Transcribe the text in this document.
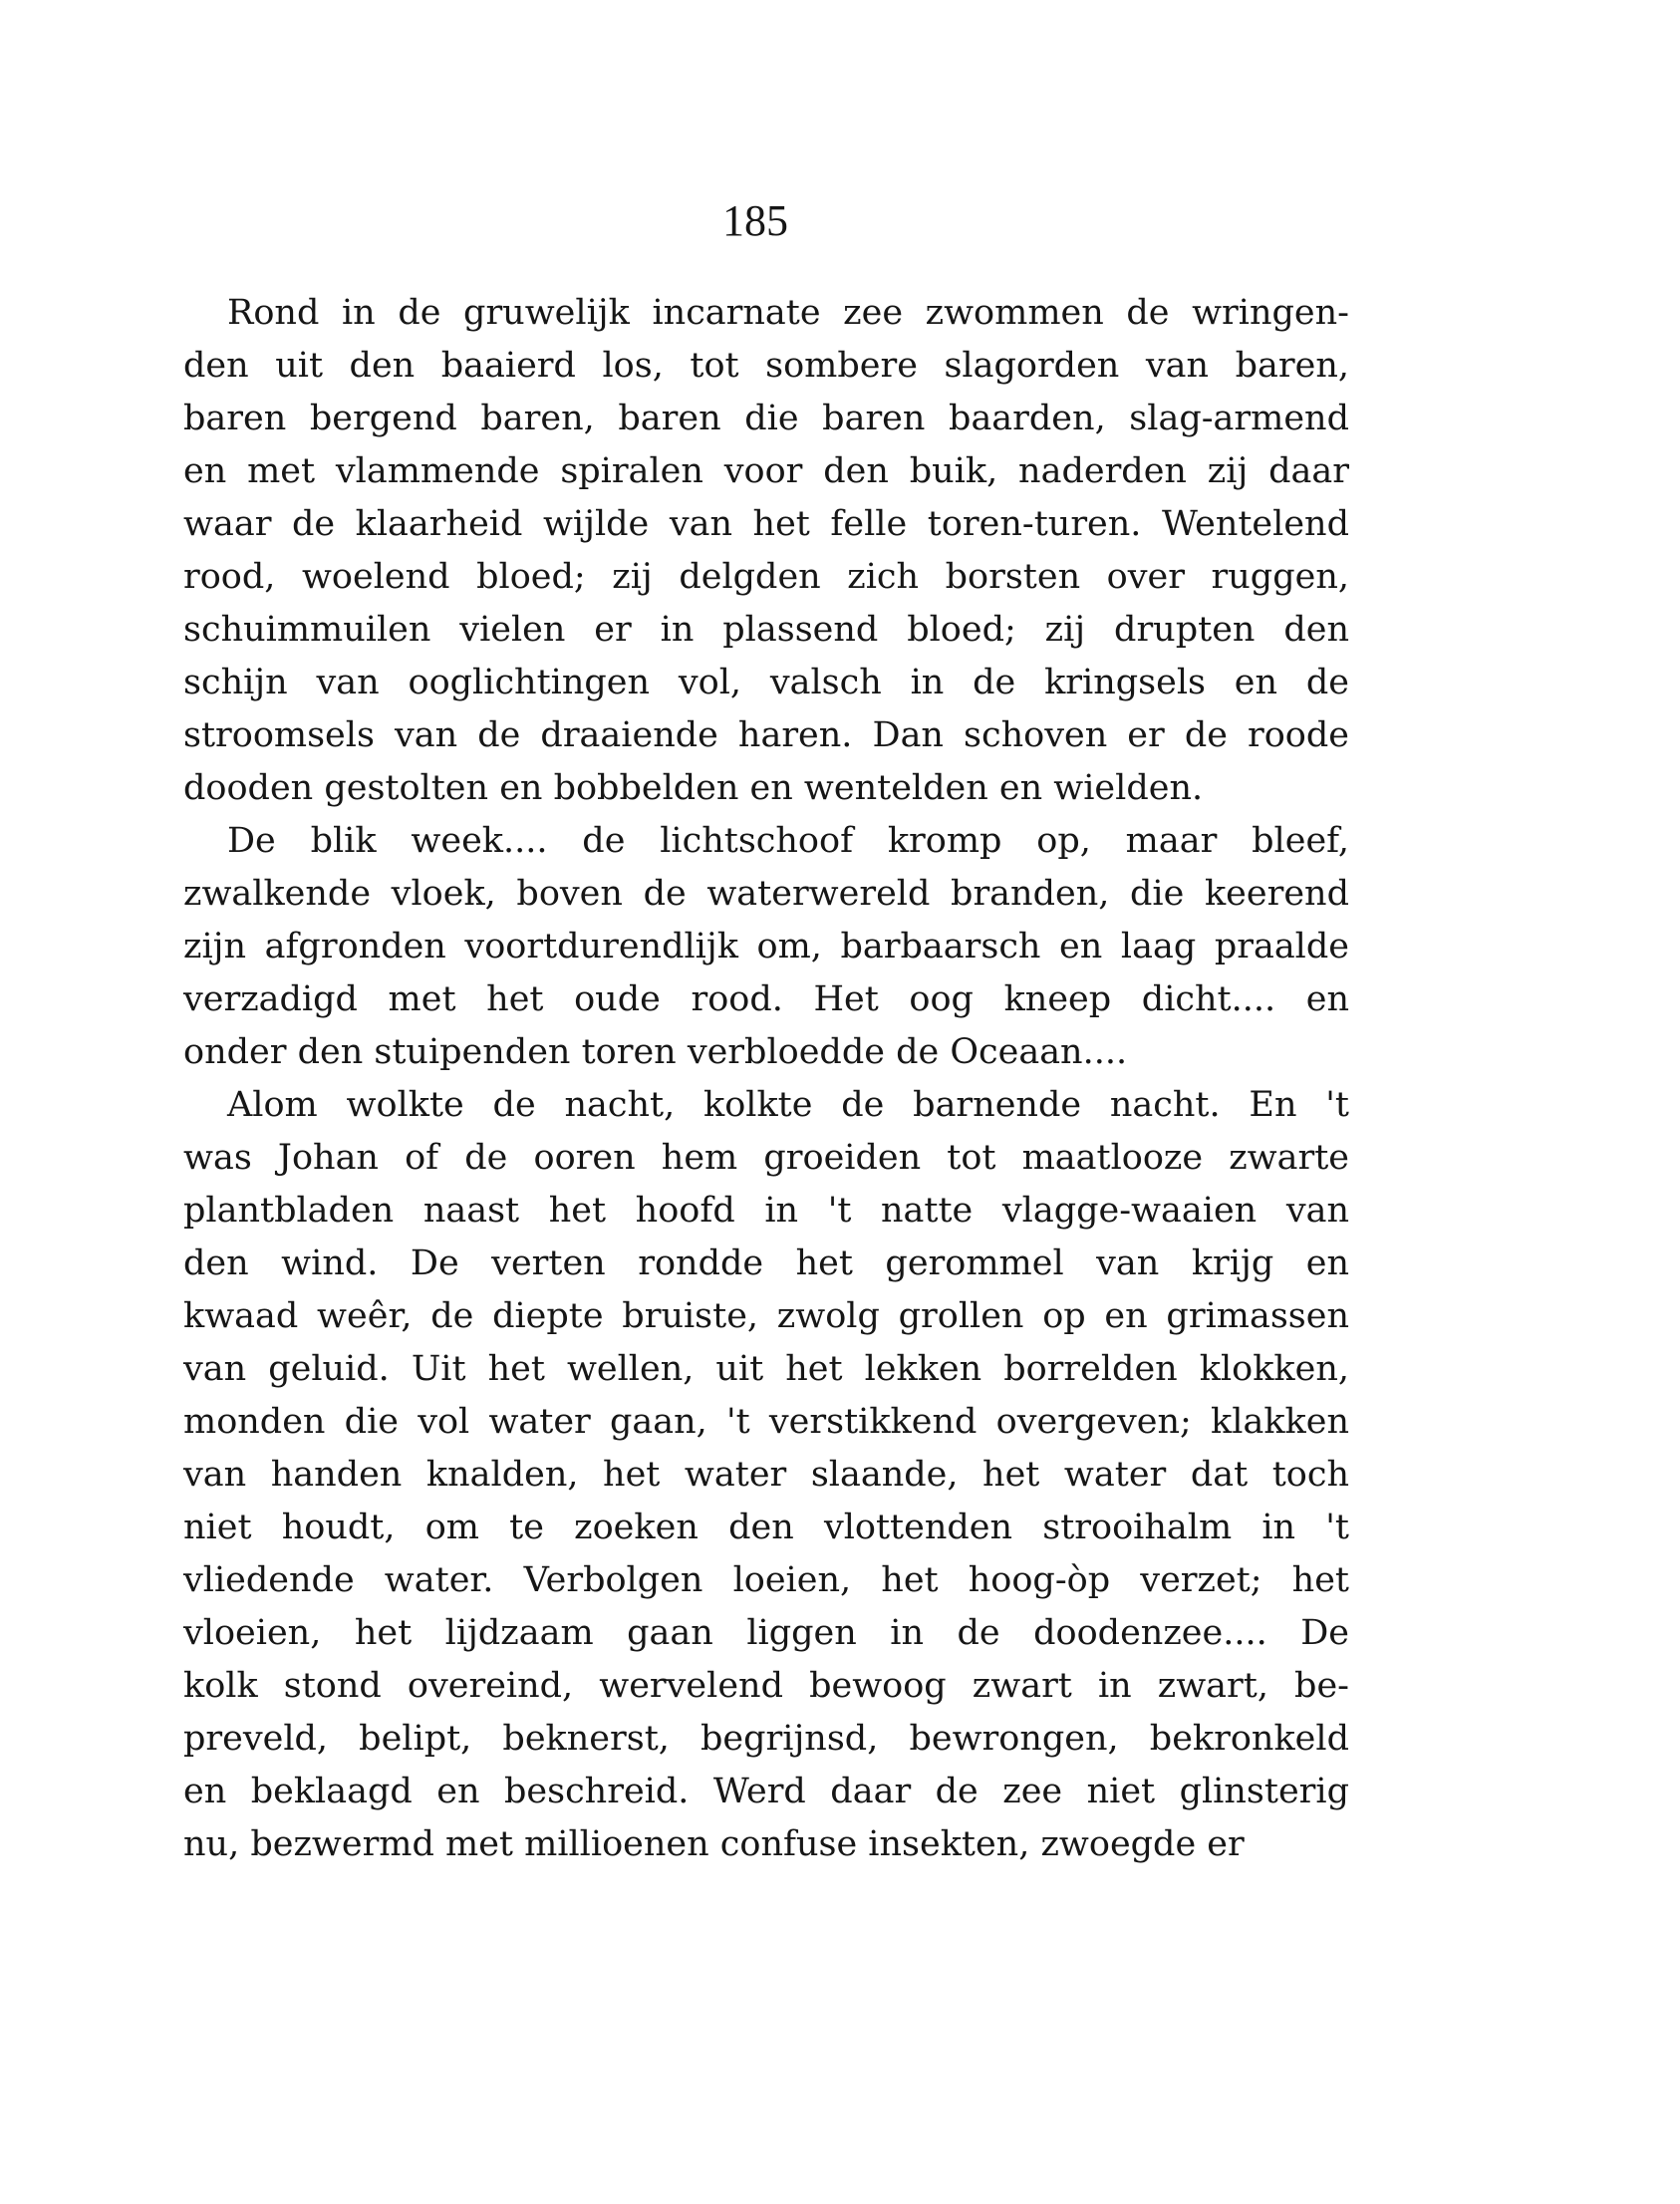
185

Rond in de gruwelijk incarnate zee zwommen de wringen-
den uit den baaierd los, tot sombere slagorden van baren,
baren bergend baren, baren die baren baarden, slag-armend
en met vlammende spiralen voor den buik, naderden zij daar
waar de klaarheid wijlde van het felle toren-turen. Wentelend
rood, woelend bloed; zij delgden zich borsten over ruggen,
schuimmuilen vielen er in plassend bloed; zij drupten den
schijn van ooglichtingen vol, valsch in de kringsels en de
stroomsels van de draaiende haren. Dan schoven er de roode
dooden gestolten en bobbelden en wentelden en wielden.
De blik week.... de lichtschoof kromp op, maar bleef,
zwalkende vloek, boven de waterwereld branden, die keerend
zijn afgronden voortdurendlijk om, barbaarsch en laag praalde
verzadigd met het oude rood. Het oog kneep dicht.... en
onder den stuipenden toren verbloedde de Oceaan....
Alom wolkte de nacht, kolkte de barnende nacht. En 't
was Johan of de ooren hem groeiden tot maatlooze zwarte
plantbladen naast het hoofd in 't natte vlagge-waaien van
den wind. De verten rondde het gerommel van krijg en
kwaad weêr, de diepte bruiste, zwolg grollen op en grimassen
van geluid. Uit het wellen, uit het lekken borrelden klokken,
monden die vol water gaan, 't verstikkend overgeven; klakken
van handen knalden, het water slaande, het water dat toch
niet houdt, om te zoeken den vlottenden strooihalm in 't
vliedende water. Verbolgen loeien, het hoog-òp verzet; het
vloeien, het lijdzaam gaan liggen in de doodenzee.... De
kolk stond overeind, wervelend bewoog zwart in zwart, be-
preveld, belipt, beknerst, begrijnsd, bewrongen, bekronkeld
en beklaagd en beschreid. Werd daar de zee niet glinsterig
nu, bezwermd met millioenen confuse insekten, zwoegde er
